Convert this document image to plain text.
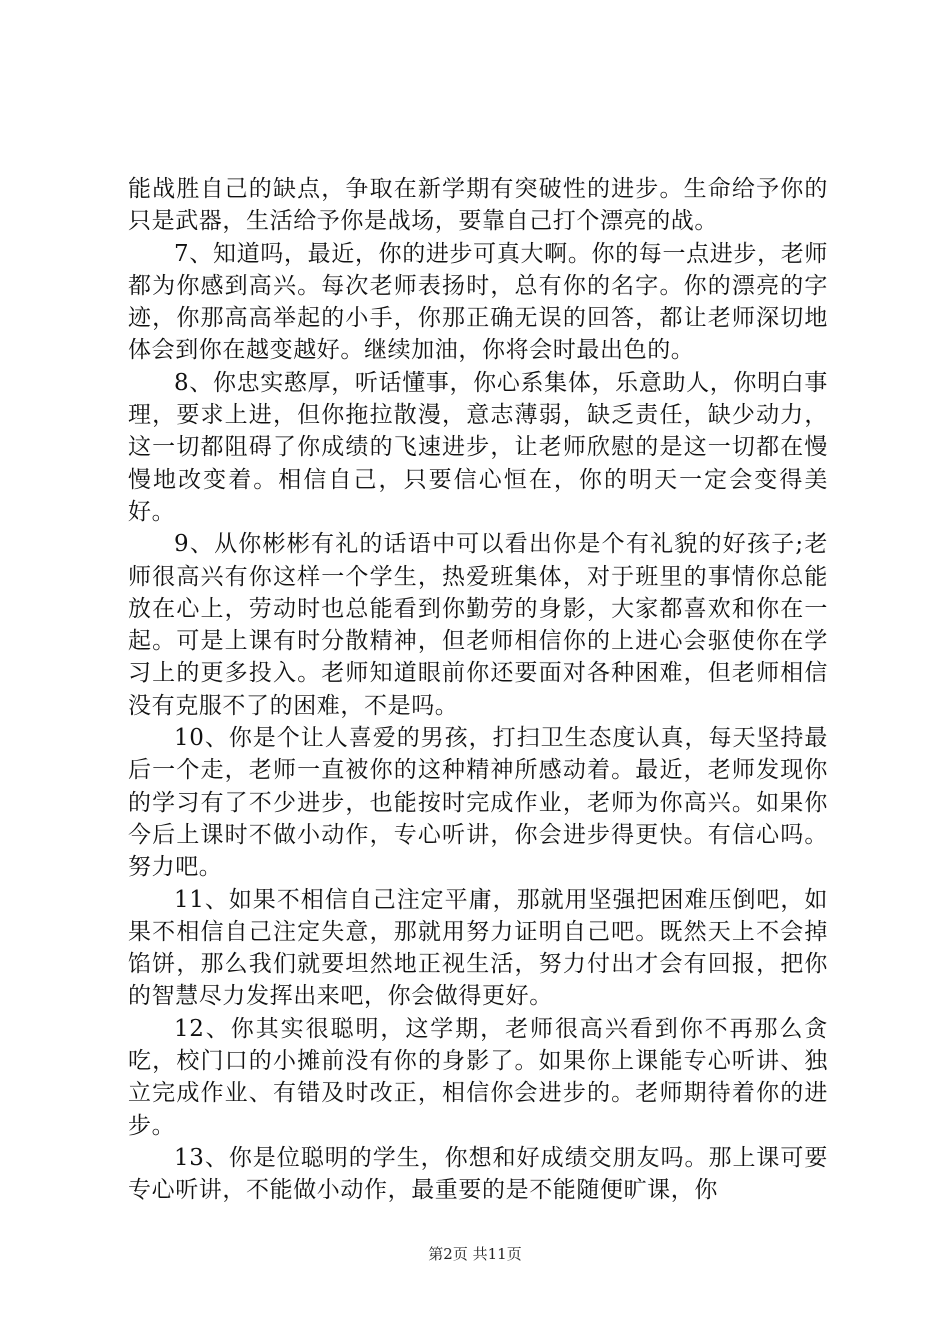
能战胜自己的缺点，争取在新学期有突破性的进步。生命给予你的只是武器，生活给予你是战场，要靠自己打个漂亮的战。

7、知道吗，最近，你的进步可真大啊。你的每一点进步，老师都为你感到高兴。每次老师表扬时，总有你的名字。你的漂亮的字迹，你那高高举起的小手，你那正确无误的回答，都让老师深切地体会到你在越变越好。继续加油，你将会时最出色的。

8、你忠实憨厚，听话懂事，你心系集体，乐意助人，你明白事理，要求上进，但你拖拉散漫，意志薄弱，缺乏责任，缺少动力，这一切都阻碍了你成绩的飞速进步，让老师欣慰的是这一切都在慢慢地改变着。相信自己，只要信心恒在，你的明天一定会变得美好。

9、从你彬彬有礼的话语中可以看出你是个有礼貌的好孩子;老师很高兴有你这样一个学生，热爱班集体，对于班里的事情你总能放在心上，劳动时也总能看到你勤劳的身影，大家都喜欢和你在一起。可是上课有时分散精神，但老师相信你的上进心会驱使你在学习上的更多投入。老师知道眼前你还要面对各种困难，但老师相信没有克服不了的困难，不是吗。

10、你是个让人喜爱的男孩，打扫卫生态度认真，每天坚持最后一个走，老师一直被你的这种精神所感动着。最近，老师发现你的学习有了不少进步，也能按时完成作业，老师为你高兴。如果你今后上课时不做小动作，专心听讲，你会进步得更快。有信心吗。努力吧。

11、如果不相信自己注定平庸，那就用坚强把困难压倒吧，如果不相信自己注定失意，那就用努力证明自己吧。既然天上不会掉馅饼，那么我们就要坦然地正视生活，努力付出才会有回报，把你的智慧尽力发挥出来吧，你会做得更好。

12、你其实很聪明，这学期，老师很高兴看到你不再那么贪吃，校门口的小摊前没有你的身影了。如果你上课能专心听讲、独立完成作业、有错及时改正，相信你会进步的。老师期待着你的进步。

13、你是位聪明的学生，你想和好成绩交朋友吗。那上课可要专心听讲，不能做小动作，最重要的是不能随便旷课，你

第2页 共11页
